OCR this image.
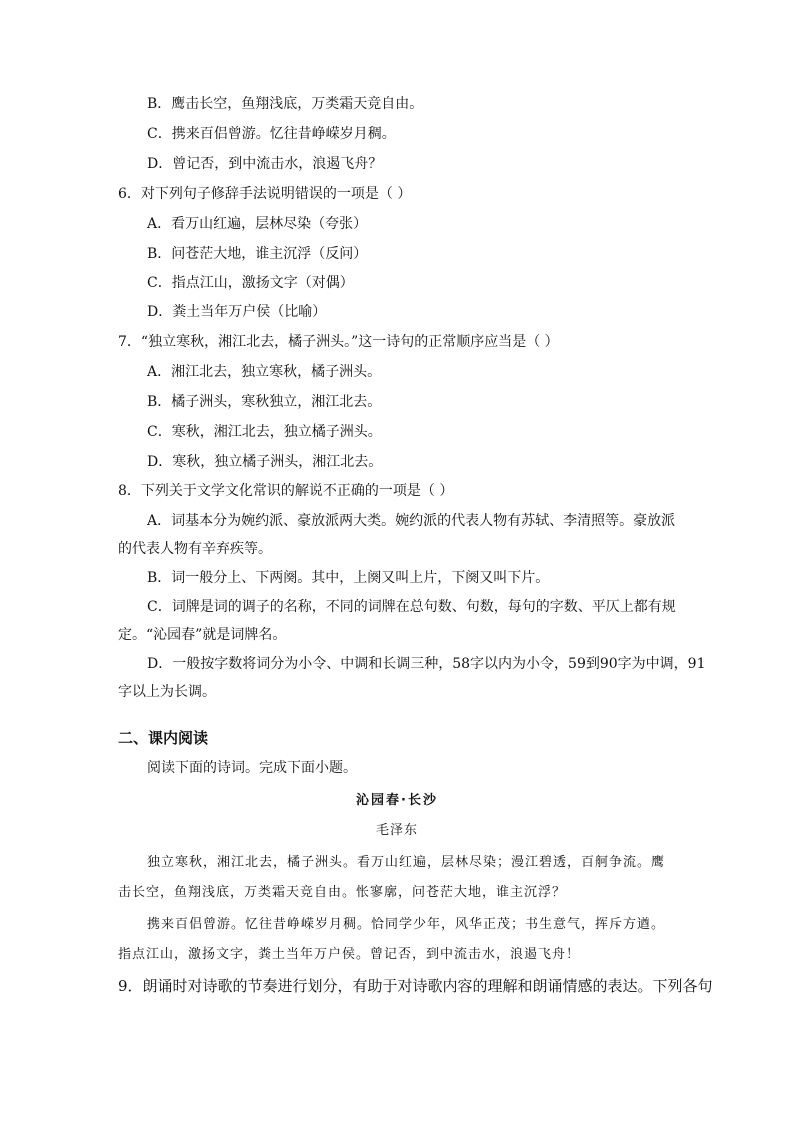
B．鹰击长空，鱼翔浅底，万类霜天竞自由。
C．携来百侣曾游。忆往昔峥嵘岁月稠。
D．曾记否，到中流击水，浪遏飞舟？
6．对下列句子修辞手法说明错误的一项是（ ）
A．看万山红遍，层林尽染（夸张）
B．问苍茫大地，谁主沉浮（反问）
C．指点江山，激扬文字（对偶）
D．粪土当年万户侯（比喻）
7．“独立寒秋，湘江北去，橘子洲头。”这一诗句的正常顺序应当是（ ）
A．湘江北去，独立寒秋，橘子洲头。
B．橘子洲头，寒秋独立，湘江北去。
C．寒秋，湘江北去，独立橘子洲头。
D．寒秋，独立橘子洲头，湘江北去。
8．下列关于文学文化常识的解说不正确的一项是（ ）
A．词基本分为婉约派、豪放派两大类。婉约派的代表人物有苏轼、李清照等。豪放派
的代表人物有辛弃疾等。
B．词一般分上、下两阕。其中，上阕又叫上片，下阕又叫下片。
C．词牌是词的调子的名称，不同的词牌在总句数、句数，每句的字数、平仄上都有规
定。“沁园春”就是词牌名。
D．一般按字数将词分为小令、中调和长调三种，58字以内为小令，59到90字为中调，91
字以上为长调。
二、课内阅读
阅读下面的诗词。完成下面小题。
沁园春·长沙
毛泽东
独立寒秋，湘江北去，橘子洲头。看万山红遍，层林尽染；漫江碧透，百舸争流。鹰
击长空，鱼翔浅底，万类霜天竞自由。怅寥廓，问苍茫大地，谁主沉浮？
携来百侣曾游。忆往昔峥嵘岁月稠。恰同学少年，风华正茂；书生意气，挥斥方遒。
指点江山，激扬文字，粪土当年万户侯。曾记否，到中流击水，浪遏飞舟！
9．朗诵时对诗歌的节奏进行划分，有助于对诗歌内容的理解和朗诵情感的表达。下列各句
